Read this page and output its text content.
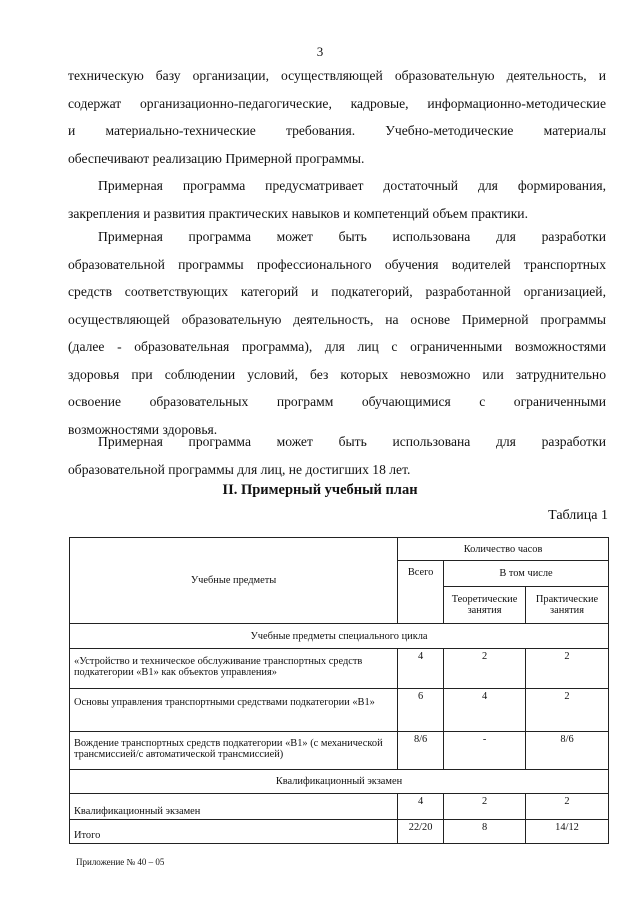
3
техническую базу организации, осуществляющей образовательную деятельность, и
содержат организационно-педагогические, кадровые, информационно-методические
и материально-технические требования. Учебно-методические материалы
обеспечивают реализацию Примерной программы.
Примерная программа предусматривает достаточный для формирования,
закрепления и развития практических навыков и компетенций объем практики.
Примерная программа может быть использована для разработки
образовательной программы профессионального обучения водителей транспортных
средств соответствующих категорий и подкатегорий, разработанной организацией,
осуществляющей образовательную деятельность, на основе Примерной программы
(далее - образовательная программа), для лиц с ограниченными возможностями
здоровья при соблюдении условий, без которых невозможно или затруднительно
освоение образовательных программ обучающимися с ограниченными
возможностями здоровья.
Примерная программа может быть использована для разработки
образовательной программы для лиц, не достигших 18 лет.
II. Примерный учебный план
Таблица 1
Учебные предметы	Количество часов		
	Всего	В том числе	
		Теоретические занятия	Практические занятия
Учебные предметы специального цикла			
«Устройство и техническое обслуживание транспортных средств подкатегории «В1» как объектов управления»	4	2	2
Основы управления транспортными средствами подкатегории «В1»	6	4	2
Вождение транспортных средств подкатегории «В1» (с механической трансмиссией/с автоматической трансмиссией)	8/6	-	8/6
Квалификационный экзамен			
Квалификационный экзамен	4	2	2
Итого	22/20	8	14/12
Приложение № 40 – 05
